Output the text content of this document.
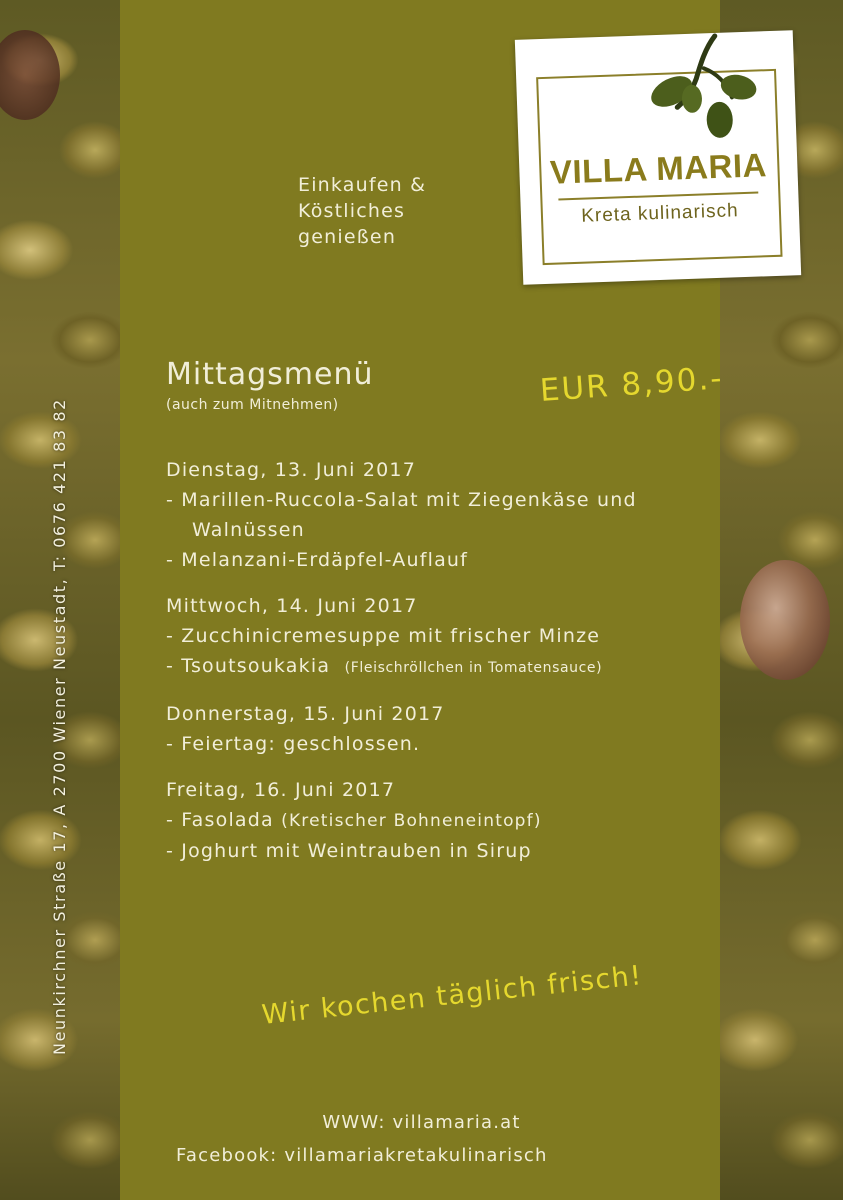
Neunkirchner Straße 17, A 2700 Wiener Neustadt, T: 0676 421 83 82
Einkaufen &
Köstliches
genießen
VILLA MARIA
Kreta kulinarisch
Mittagsmenü
(auch zum Mitnehmen)	EUR 8,90.-
Dienstag, 13. Juni 2017
- Marillen-Ruccola-Salat mit Ziegenkäse und Walnüssen
- Melanzani-Erdäpfel-Auflauf
Mittwoch, 14. Juni 2017
- Zucchinicremesuppe mit frischer Minze
- Tsoutsoukakia (Fleischröllchen in Tomatensauce)
Donnerstag, 15. Juni 2017
- Feiertag: geschlossen.
Freitag, 16. Juni 2017
- Fasolada (Kretischer Bohneneintopf)
- Joghurt mit Weintrauben in Sirup
Wir kochen täglich frisch!
WWW: villamaria.at
Facebook: villamariakretakulinarisch
